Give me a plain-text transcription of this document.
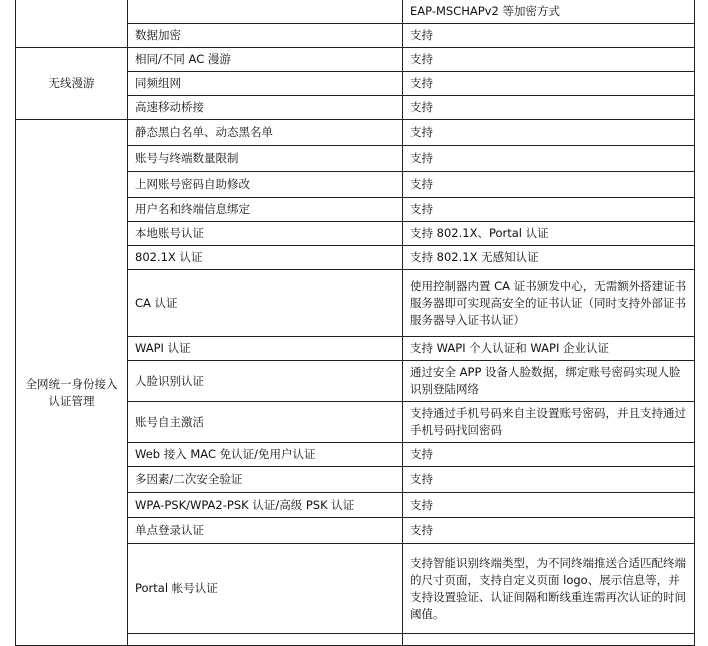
		EAP-MSCHAPv2 等加密方式
	数据加密	支持
无线漫游	相同/不同 AC 漫游	支持
	同频组网	支持
	高速移动桥接	支持
全网统一身份接入认证管理	静态黑白名单、动态黑名单	支持
	账号与终端数量限制	支持
	上网账号密码自助修改	支持
	用户名和终端信息绑定	支持
	本地账号认证	支持 802.1X、Portal 认证
	802.1X 认证	支持 802.1X 无感知认证
	CA 认证	使用控制器内置 CA 证书颁发中心，无需额外搭建证书服务器即可实现高安全的证书认证（同时支持外部证书服务器导入证书认证）
	WAPI 认证	支持 WAPI 个人认证和 WAPI 企业认证
	人脸识别认证	通过安全 APP 设备人脸数据，绑定账号密码实现人脸识别登陆网络
	账号自主激活	支持通过手机号码来自主设置账号密码，并且支持通过手机号码找回密码
	Web 接入 MAC 免认证/免用户认证	支持
	多因素/二次安全验证	支持
	WPA-PSK/WPA2-PSK 认证/高级 PSK 认证	支持
	单点登录认证	支持
	Portal 帐号认证	支持智能识别终端类型，为不同终端推送合适匹配终端的尺寸页面，支持自定义页面 logo、展示信息等，并支持设置验证、认证间隔和断线重连需再次认证的时间阈值。
